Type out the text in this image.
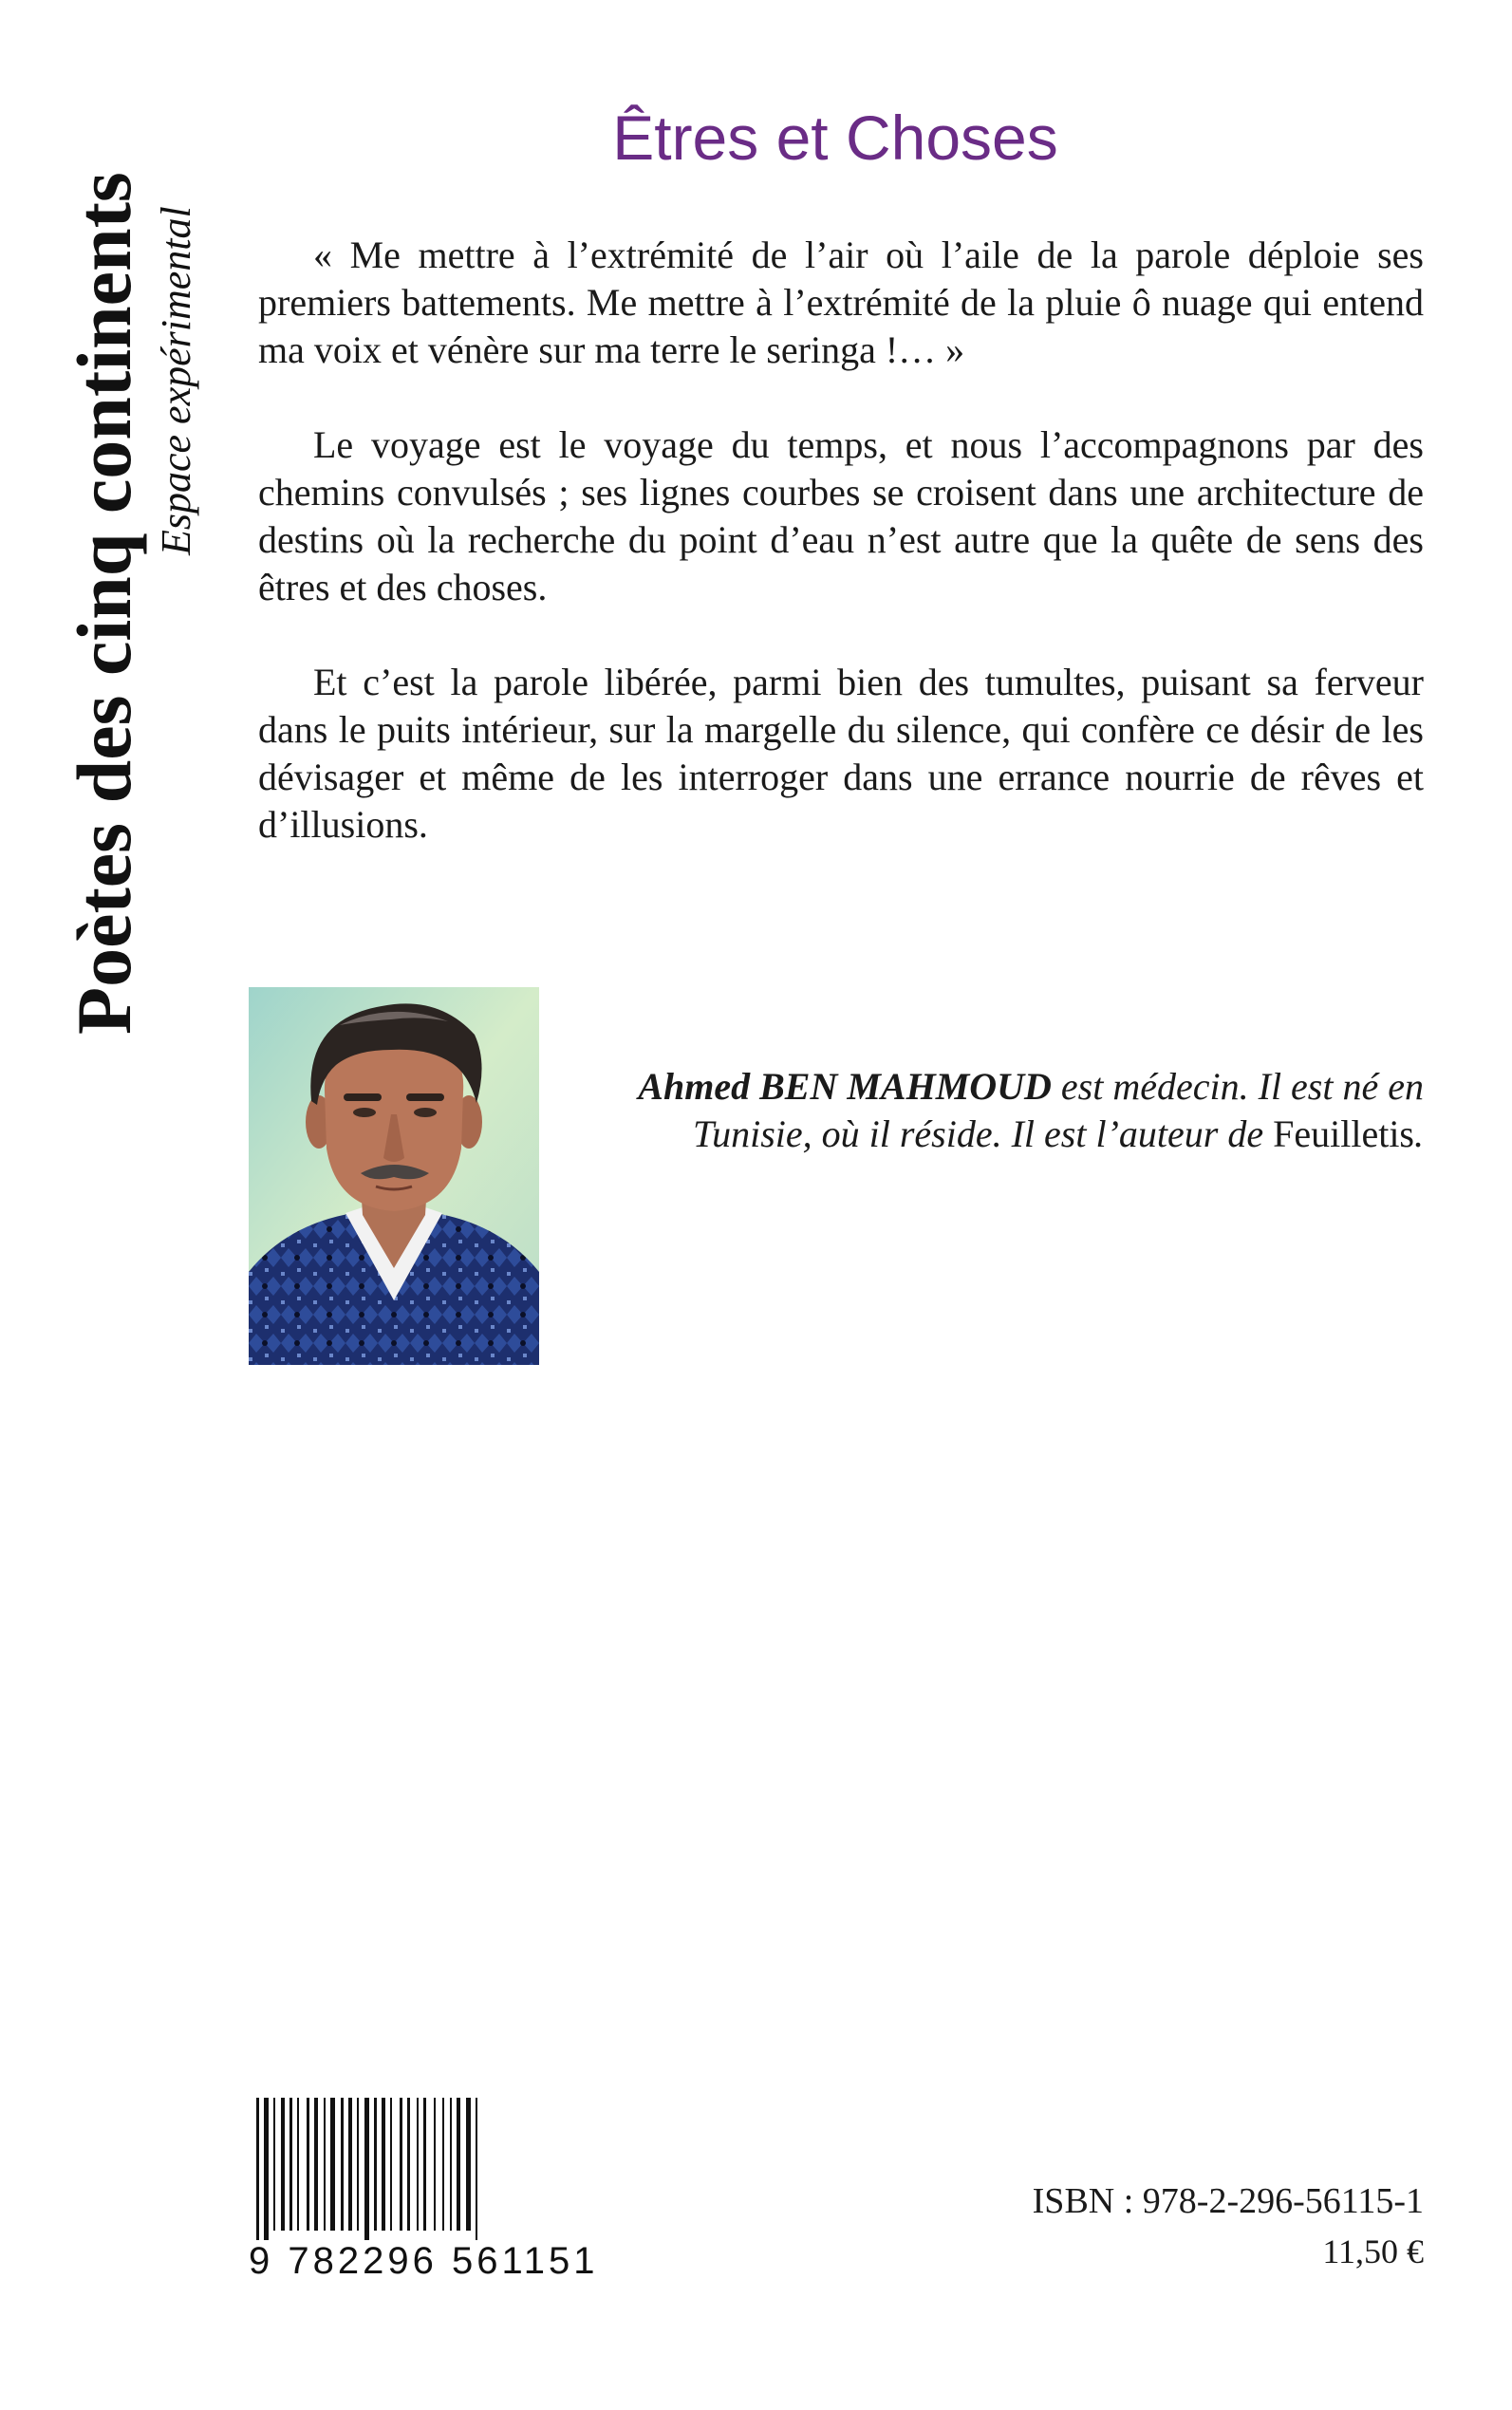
Poètes des cinq continents Espace expérimental
Êtres et Choses

« Me mettre à l’extrémité de l’air où l’aile de la parole déploie ses premiers battements. Me mettre à l’extrémité de la pluie ô nuage qui entend ma voix et vénère sur ma terre le seringa !… »

Le voyage est le voyage du temps, et nous l’accompagnons par des chemins convulsés ; ses lignes courbes se croisent dans une architecture de destins où la recherche du point d’eau n’est autre que la quête de sens des êtres et des choses.

Et c’est la parole libérée, parmi bien des tumultes, puisant sa ferveur dans le puits intérieur, sur la margelle du silence, qui confère ce désir de les dévisager et même de les interroger dans une errance nourrie de rêves et d’illusions.

Ahmed BEN MAHMOUD est médecin. Il est né en Tunisie, où il réside. Il est l’auteur de Feuilletis.
9 782296 561151
ISBN : 978-2-296-56115-1
11,50 €
